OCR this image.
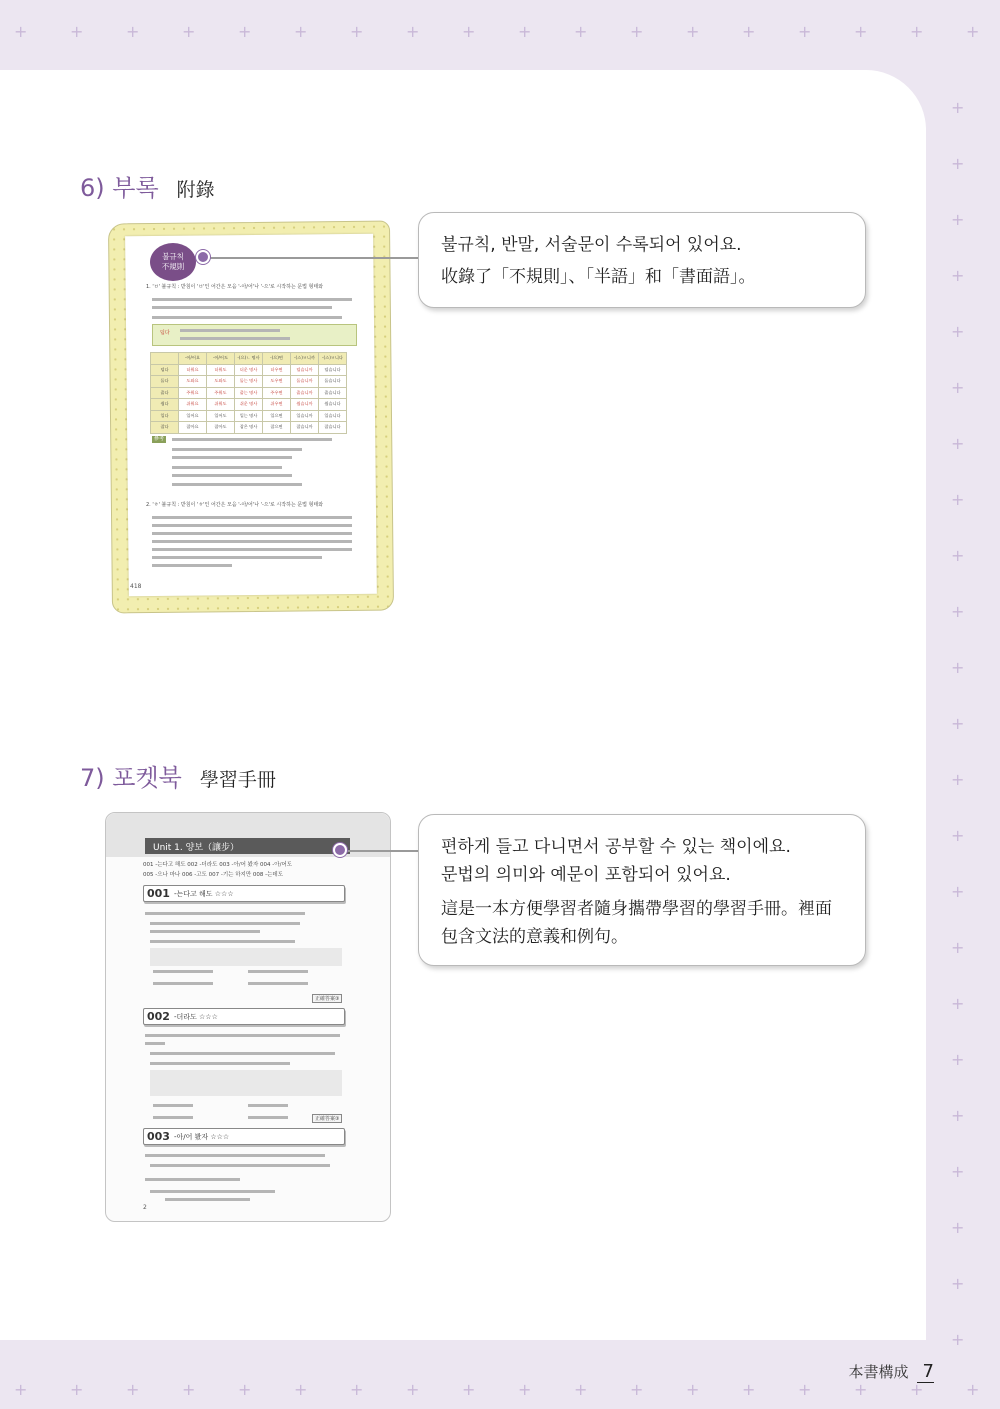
+
+
+
+
+
+
+
+
+
+
+
+
+
+
+
+
+
+
+
+
+
+
+
+
+
+
+
+
+
+
+
+
+
+
+
+
+
+
+
+
+
+
+
+
+
+
+
+
+
+
+
+
+
+
+
+
+
+
+
6) 부록 附錄
불규칙
不規則
1. 'ㅂ' 불규칙 : 받침이 'ㅂ'인 어간은 모음 '-아/어'나 '-으'로 시작하는 문법 형태와
덥다
	-아/어요	-아/어도	-(으)ㄴ 명사	-(으)면	-(스)ㅂ니까	-(스)ㅂ니다
덥다	더워요	더워도	더운 명사	더우면	덥습니까	덥습니다
돕다	도와요	도와도	돕는 명사	도우면	돕습니까	돕습니다
줍다	주워요	주워도	줍는 명사	주우면	줍습니까	줍습니다
쉽다	쉬워요	쉬워도	쉬운 명사	쉬우면	쉽습니까	쉽습니다
입다	입어요	입어도	입는 명사	입으면	입습니까	입습니다
잡다	잡아요	잡아도	잡은 명사	잡으면	잡습니까	잡습니다
參考
2. 'ㅎ' 불규칙 : 받침이 'ㅎ'인 어간은 모음 '-아/어'나 '-으'로 시작하는 문법 형태와
418

불규칙, 반말, 서술문이 수록되어 있어요.

收錄了「不規則」、「半語」和「書面語」。

7) 포켓북 學習手冊
Unit 1. 양보（讓步）
001 -는다고 해도 002 -더라도 003 -아/어 봤자 004 -아/어도
005 -으나 마나 006 -고도 007 -기는 하지만 008 -는데도
001 -는다고 해도 ☆☆☆
正確答案③
002 -더라도 ☆☆☆
正確答案③
003 -아/어 봤자 ☆☆☆
2

편하게 들고 다니면서 공부할 수 있는 책이에요.

문법의 의미와 예문이 포함되어 있어요.

這是一本方便學習者隨身攜帶學習的學習手冊。裡面包含文法的意義和例句。

本書構成 7
